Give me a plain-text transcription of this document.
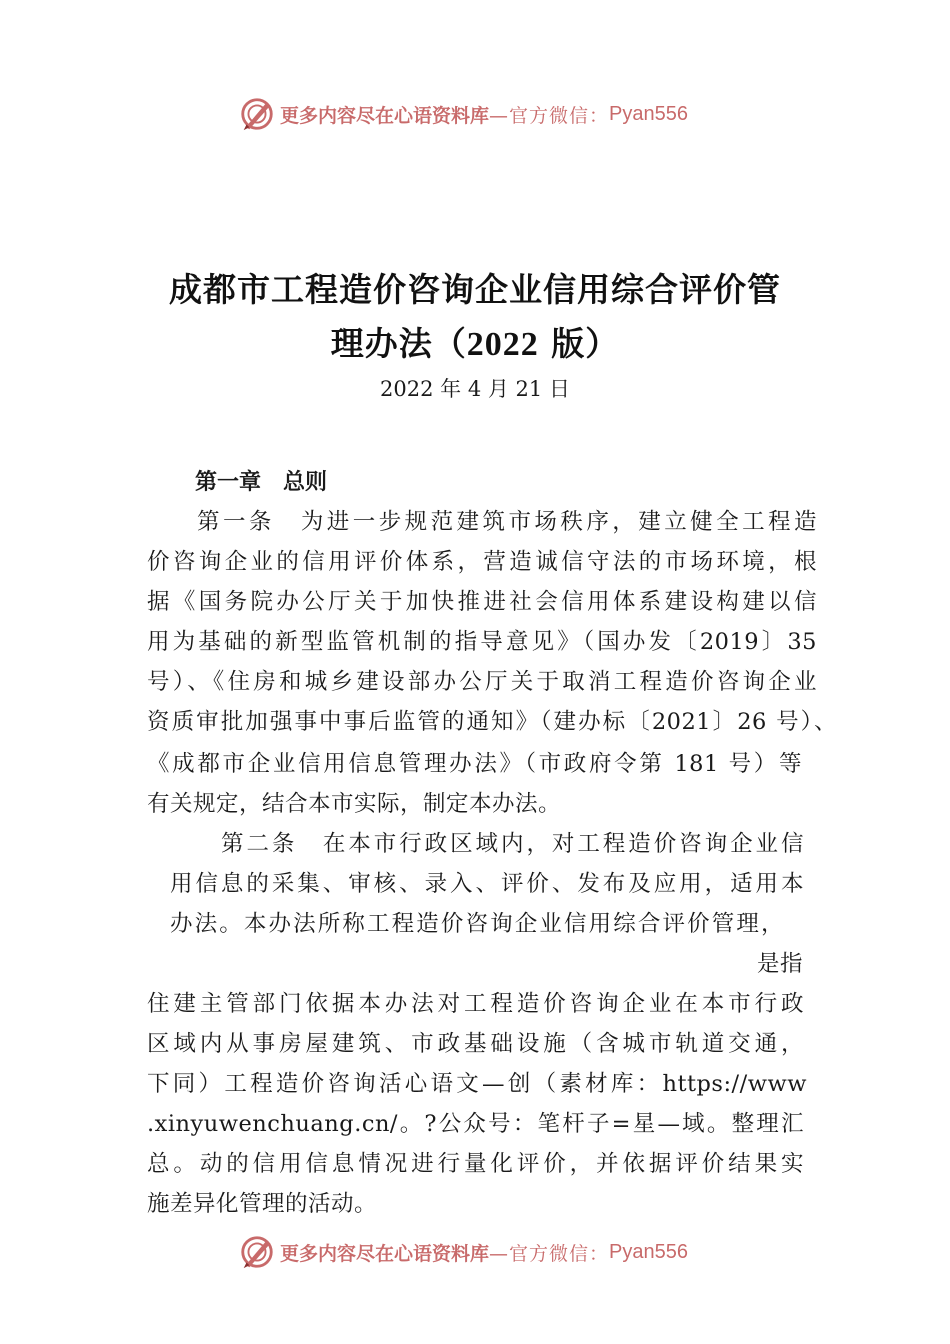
更多内容尽在心语资料库 —官方微信： Pyan556
成都市工程造价咨询企业信用综合评价管
理办法（2022 版）
2022 年 4 月 21 日
第一章　总则
第一条　为进一步规范建筑市场秩序，建立健全工程造
价咨询企业的信用评价体系，营造诚信守法的市场环境，根
据《国务院办公厅关于加快推进社会信用体系建设构建以信
用为基础的新型监管机制的指导意见》（国办发〔2019〕35
号）、《住房和城乡建设部办公厅关于取消工程造价咨询企业
资质审批加强事中事后监管的通知》（建办标〔2021〕26 号）、
《成都市企业信用信息管理办法》（市政府令第 181 号）等
有关规定，结合本市实际，制定本办法。
第二条　在本市行政区域内，对工程造价咨询企业信
用信息的采集、审核、录入、评价、发布及应用，适用本
办法。本办法所称工程造价咨询企业信用综合评价管理，
是指
住建主管部门依据本办法对工程造价咨询企业在本市行政
区域内从事房屋建筑、市政基础设施（含城市轨道交通，
下同）工程造价咨询活心语文—创（素材库：https://www
.xinyuwenchuang.cn/。?公众号：笔杆子=星—域。整理汇
总。动的信用信息情况进行量化评价，并依据评价结果实
施差异化管理的活动。
更多内容尽在心语资料库 —官方微信： Pyan556
